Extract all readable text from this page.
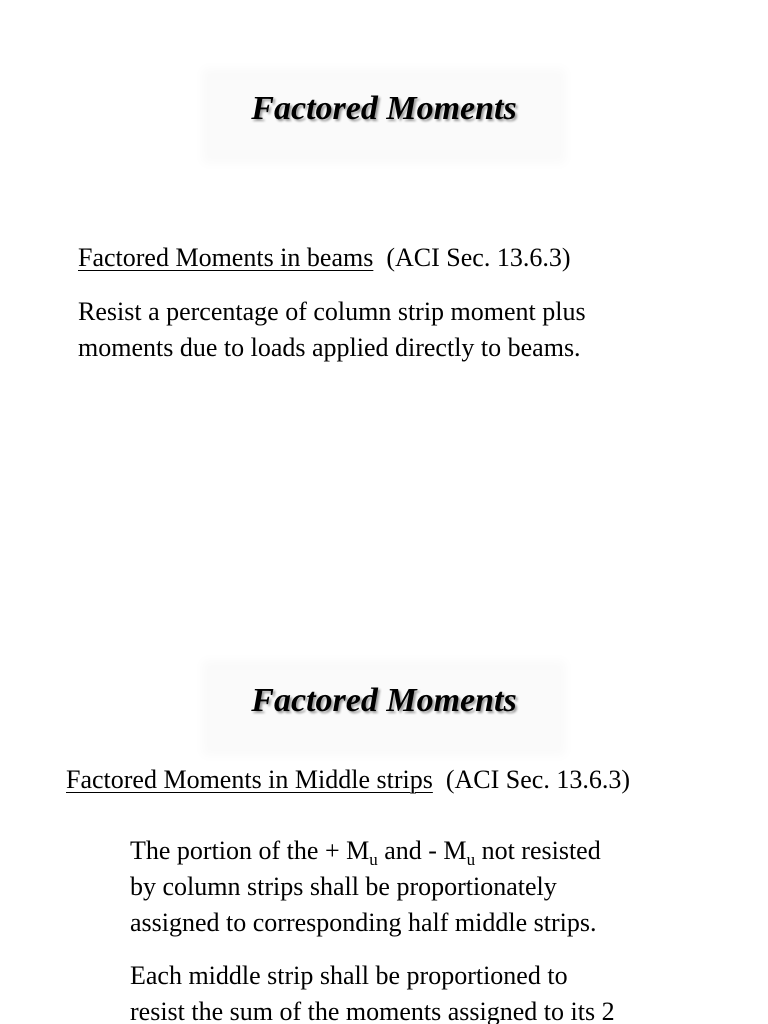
Factored Moments
Factored Moments in beams (ACI Sec. 13.6.3)
Resist a percentage of column strip moment plus
moments due to loads applied directly to beams.
Factored Moments
Factored Moments in Middle strips (ACI Sec. 13.6.3)
The portion of the + $M_u$ and - $M_u$ not resisted
by column strips shall be proportionately
assigned to corresponding half middle strips.
Each middle strip shall be proportioned to
resist the sum of the moments assigned to its 2
